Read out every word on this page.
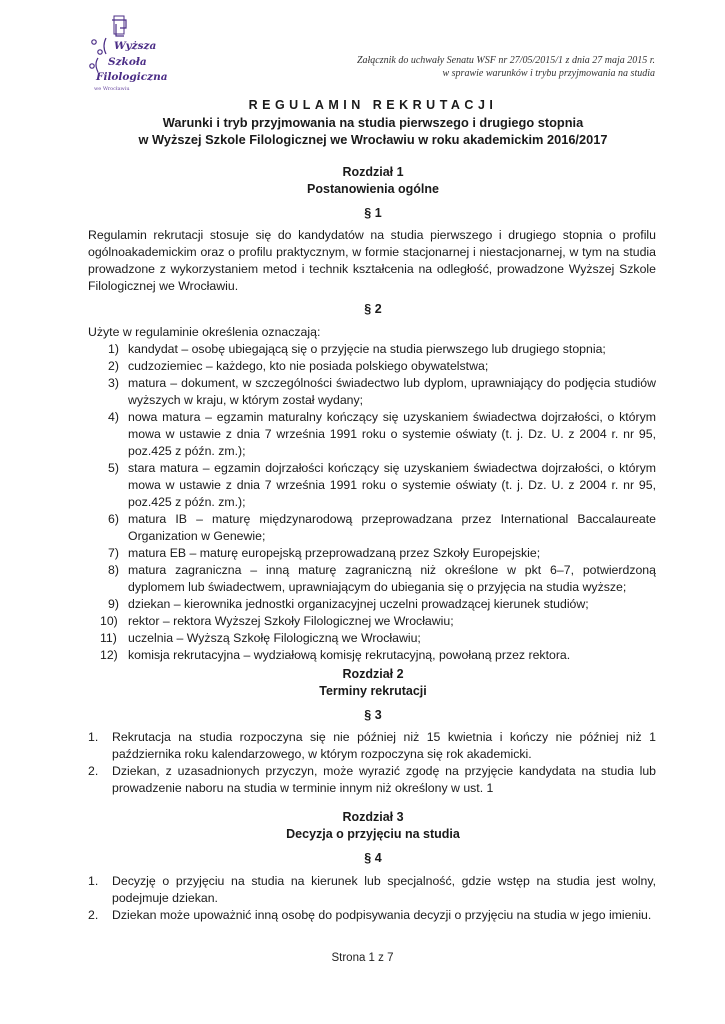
Wyższa
Szkoła
Filologiczna
we Wrocławiu
Załącznik do uchwały Senatu WSF nr 27/05/2015/1 z dnia 27 maja 2015 r.
w sprawie warunków i trybu przyjmowania na studia
REGULAMIN REKRUTACJI
Warunki i tryb przyjmowania na studia pierwszego i drugiego stopnia
w Wyższej Szkole Filologicznej we Wrocławiu w roku akademickim 2016/2017
Rozdział 1
Postanowienia ogólne
§ 1
Regulamin rekrutacji stosuje się do kandydatów na studia pierwszego i drugiego stopnia o profilu ogólnoakademickim oraz o profilu praktycznym, w formie stacjonarnej i niestacjonarnej, w tym na studia prowadzone z wykorzystaniem metod i technik kształcenia na odległość, prowadzone Wyższej Szkole Filologicznej we Wrocławiu.
§ 2
Użyte w regulaminie określenia oznaczają:
1) kandydat – osobę ubiegającą się o przyjęcie na studia pierwszego lub drugiego stopnia;
2) cudzoziemiec – każdego, kto nie posiada polskiego obywatelstwa;
3) matura – dokument, w szczególności świadectwo lub dyplom, uprawniający do podjęcia studiów wyższych w kraju, w którym został wydany;
4) nowa matura – egzamin maturalny kończący się uzyskaniem świadectwa dojrzałości, o którym mowa w ustawie z dnia 7 września 1991 roku o systemie oświaty (t. j. Dz. U. z 2004 r. nr 95, poz.425 z późn. zm.);
5) stara matura – egzamin dojrzałości kończący się uzyskaniem świadectwa dojrzałości, o którym mowa w ustawie z dnia 7 września 1991 roku o systemie oświaty (t. j. Dz. U. z 2004 r. nr 95, poz.425 z późn. zm.);
6) matura IB – maturę międzynarodową przeprowadzana przez International Baccalaureate Organization w Genewie;
7) matura EB – maturę europejską przeprowadzaną przez Szkoły Europejskie;
8) matura zagraniczna – inną maturę zagraniczną niż określone w pkt 6–7, potwierdzoną dyplomem lub świadectwem, uprawniającym do ubiegania się o przyjęcia na studia wyższe;
9) dziekan – kierownika jednostki organizacyjnej uczelni prowadzącej kierunek studiów;
10) rektor – rektora Wyższej Szkoły Filologicznej we Wrocławiu;
11) uczelnia – Wyższą Szkołę Filologiczną we Wrocławiu;
12) komisja rekrutacyjna – wydziałową komisję rekrutacyjną, powołaną przez rektora.
Rozdział 2
Terminy rekrutacji
§ 3
1. Rekrutacja na studia rozpoczyna się nie później niż 15 kwietnia i kończy nie później niż 1 października roku kalendarzowego, w którym rozpoczyna się rok akademicki.
2. Dziekan, z uzasadnionych przyczyn, może wyrazić zgodę na przyjęcie kandydata na studia lub prowadzenie naboru na studia w terminie innym niż określony w ust. 1
Rozdział 3
Decyzja o przyjęciu na studia
§ 4
1. Decyzję o przyjęciu na studia na kierunek lub specjalność, gdzie wstęp na studia jest wolny, podejmuje dziekan.
2. Dziekan może upoważnić inną osobę do podpisywania decyzji o przyjęciu na studia w jego imieniu.
Strona 1 z 7
